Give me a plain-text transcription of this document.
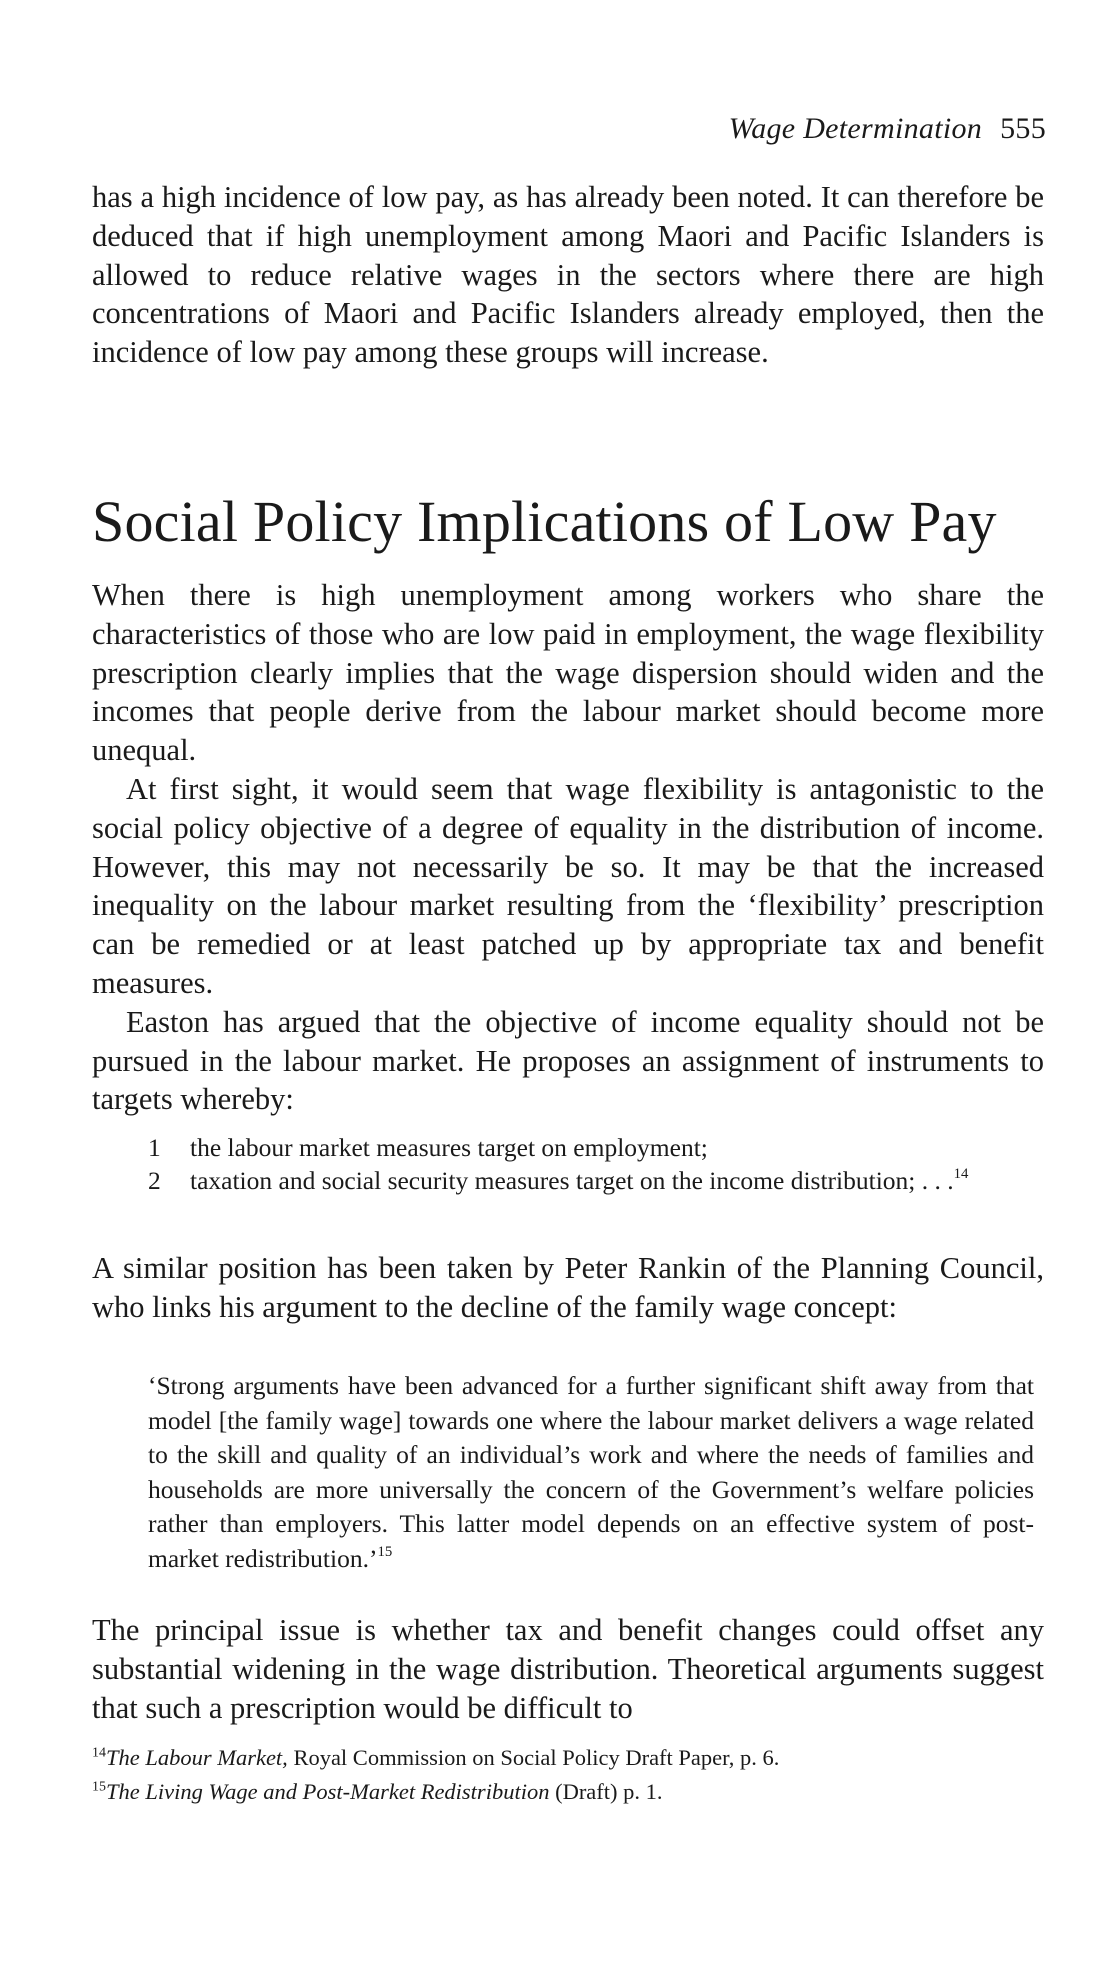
Wage Determination 555

has a high incidence of low pay, as has already been noted. It can therefore be deduced that if high unemployment among Maori and Pacific Islanders is allowed to reduce relative wages in the sectors where there are high concentrations of Maori and Pacific Islanders already employed, then the incidence of low pay among these groups will increase.

Social Policy Implications of Low Pay

When there is high unemployment among workers who share the characteristics of those who are low paid in employment, the wage flexibility prescription clearly implies that the wage dispersion should widen and the incomes that people derive from the labour market should become more unequal.

At first sight, it would seem that wage flexibility is antagonistic to the social policy objective of a degree of equality in the distribution of income. However, this may not necessarily be so. It may be that the increased inequality on the labour market resulting from the ‘flexibility’ prescription can be remedied or at least patched up by appropriate tax and benefit measures.

Easton has argued that the objective of income equality should not be pursued in the labour market. He proposes an assignment of instruments to targets whereby:

1 the labour market measures target on employment;
2 taxation and social security measures target on the income distribution; . . .$^{14}$

A similar position has been taken by Peter Rankin of the Planning Council, who links his argument to the decline of the family wage concept:

‘Strong arguments have been advanced for a further significant shift away from that model [the family wage] towards one where the labour market delivers a wage related to the skill and quality of an individual’s work and where the needs of families and households are more universally the concern of the Government’s welfare policies rather than employers. This latter model depends on an effective system of post-market redistribution.’$^{15}$

The principal issue is whether tax and benefit changes could offset any substantial widening in the wage distribution. Theoretical arguments suggest that such a prescription would be difficult to

$^{14}$The Labour Market, Royal Commission on Social Policy Draft Paper, p. 6.

$^{15}$The Living Wage and Post-Market Redistribution (Draft) p. 1.
